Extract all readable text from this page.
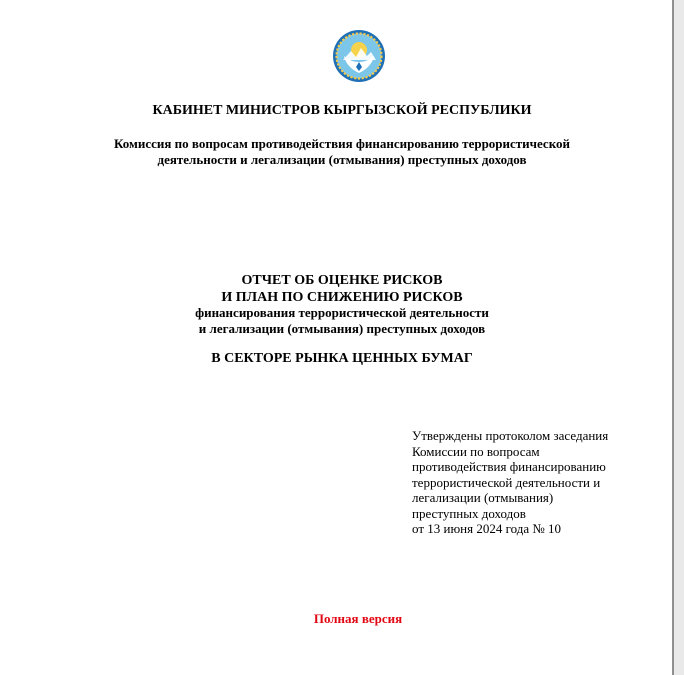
КАБИНЕТ МИНИСТРОВ КЫРГЫЗСКОЙ РЕСПУБЛИКИ
Комиссия по вопросам противодействия финансированию террористической
деятельности и легализации (отмывания) преступных доходов
ОТЧЕТ ОБ ОЦЕНКЕ РИСКОВ
И ПЛАН ПО СНИЖЕНИЮ РИСКОВ
финансирования террористической деятельности
и легализации (отмывания) преступных доходов
В СЕКТОРЕ РЫНКА ЦЕННЫХ БУМАГ
Утверждены протоколом заседания
Комиссии по вопросам
противодействия финансированию
террористической деятельности и
легализации (отмывания)
преступных доходов
от 13 июня 2024 года № 10
Полная версия
